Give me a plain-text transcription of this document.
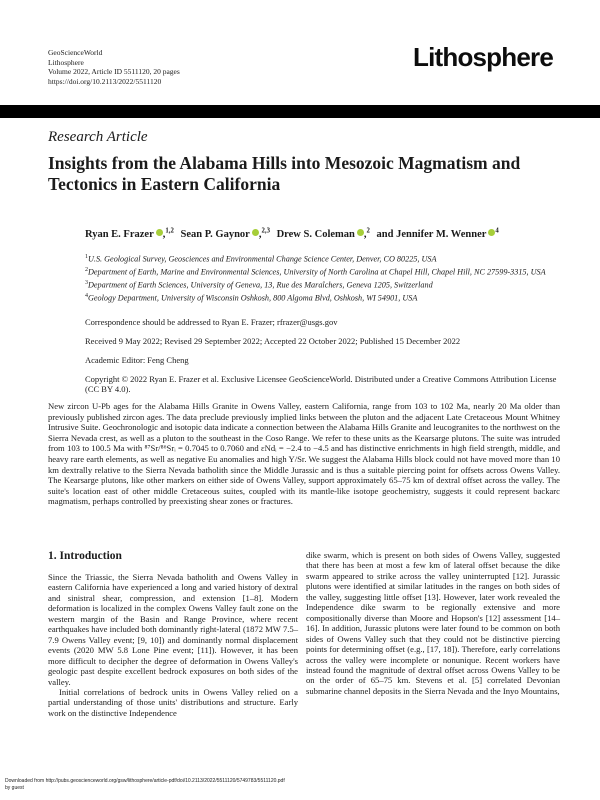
GeoScienceWorld
Lithosphere
Volume 2022, Article ID 5511120, 20 pages
https://doi.org/10.2113/2022/5511120
Lithosphere
Research Article
Insights from the Alabama Hills into Mesozoic Magmatism and
Tectonics in Eastern California
Ryan E. Frazer ,$^{1,2}$ Sean P. Gaynor ,$^{2,3}$ Drew S. Coleman ,$^2$ and Jennifer M. Wenner $^4$
$^1$U.S. Geological Survey, Geosciences and Environmental Change Science Center, Denver, CO 80225, USA
$^2$Department of Earth, Marine and Environmental Sciences, University of North Carolina at Chapel Hill, Chapel Hill, NC 27599-3315, USA
$^3$Department of Earth Sciences, University of Geneva, 13, Rue des Maraîchers, Geneva 1205, Switzerland
$^4$Geology Department, University of Wisconsin Oshkosh, 800 Algoma Blvd, Oshkosh, WI 54901, USA
Correspondence should be addressed to Ryan E. Frazer; rfrazer@usgs.gov
Received 9 May 2022; Revised 29 September 2022; Accepted 22 October 2022; Published 15 December 2022
Academic Editor: Feng Cheng
Copyright © 2022 Ryan E. Frazer et al. Exclusive Licensee GeoScienceWorld. Distributed under a Creative Commons Attribution License (CC BY 4.0).
New zircon U-Pb ages for the Alabama Hills Granite in Owens Valley, eastern California, range from 103 to 102 Ma, nearly 20 Ma older than previously published zircon ages. The data preclude previously implied links between the pluton and the adjacent Late Cretaceous Mount Whitney Intrusive Suite. Geochronologic and isotopic data indicate a connection between the Alabama Hills Granite and leucogranites to the northwest on the Sierra Nevada crest, as well as a pluton to the southeast in the Coso Range. We refer to these units as the Kearsarge plutons. The suite was intruded from 103 to 100.5 Ma with ⁸⁷Sr/⁸⁶Srᵢ = 0.7045 to 0.7060 and εNdᵢ = −2.4 to −4.5 and has distinctive enrichments in high field strength, middle, and heavy rare earth elements, as well as negative Eu anomalies and high Y/Sr. We suggest the Alabama Hills block could not have moved more than 10 km dextrally relative to the Sierra Nevada batholith since the Middle Jurassic and is thus a suitable piercing point for offsets across Owens Valley. The Kearsarge plutons, like other markers on either side of Owens Valley, support approximately 65–75 km of dextral offset across the valley. The suite's location east of other middle Cretaceous suites, coupled with its mantle-like isotope geochemistry, suggests it could represent backarc magmatism, perhaps controlled by preexisting shear zones or fractures.
1. Introduction

Since the Triassic, the Sierra Nevada batholith and Owens Valley in eastern California have experienced a long and varied history of dextral and sinistral shear, compression, and extension [1–8]. Modern deformation is localized in the complex Owens Valley fault zone on the western margin of the Basin and Range Province, where recent earthquakes have included both dominantly right-lateral (1872 MW 7.5–7.9 Owens Valley event; [9, 10]) and dominantly normal displacement events (2020 MW 5.8 Lone Pine event; [11]). However, it has been more difficult to decipher the degree of deformation in Owens Valley's geologic past despite excellent bedrock exposures on both sides of the valley.

Initial correlations of bedrock units in Owens Valley relied on a partial understanding of those units' distributions and structure. Early work on the distinctive Independence

dike swarm, which is present on both sides of Owens Valley, suggested that there has been at most a few km of lateral offset because the dike swarm appeared to strike across the valley uninterrupted [12]. Jurassic plutons were identified at similar latitudes in the ranges on both sides of the valley, suggesting little offset [13]. However, later work revealed the Independence dike swarm to be regionally extensive and more compositionally diverse than Moore and Hopson's [12] assessment [14–16]. In addition, Jurassic plutons were later found to be common on both sides of Owens Valley such that they could not be distinctive piercing points for determining offset (e.g., [17, 18]). Therefore, early correlations across the valley were incomplete or nonunique. Recent workers have instead found the magnitude of dextral offset across Owens Valley to be on the order of 65–75 km. Stevens et al. [5] correlated Devonian submarine channel deposits in the Sierra Nevada and the Inyo Mountains,

Downloaded from http://pubs.geoscienceworld.org/gsw/lithosphere/article-pdf/doi/10.2113/2022/5511120/5749783/5511120.pdf
by guest
